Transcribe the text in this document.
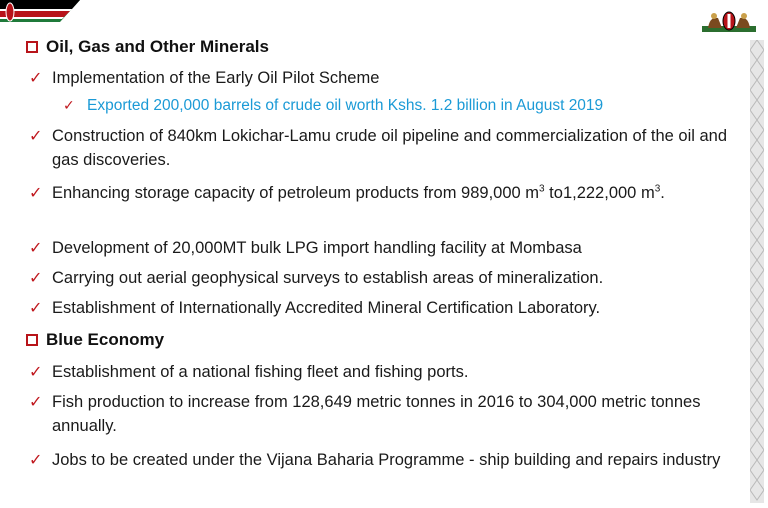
Oil, Gas and Other Minerals
✓ Implementation of the Early Oil Pilot Scheme
✓ Exported 200,000 barrels of crude oil worth Kshs. 1.2 billion in August 2019
✓ Construction of 840km Lokichar-Lamu crude oil pipeline and commercialization of the oil and gas discoveries.
✓ Enhancing storage capacity of petroleum products from 989,000 $m^3$ to1,222,000 $m^3$.
✓ Development of 20,000MT bulk LPG import handling facility at Mombasa
✓ Carrying out aerial geophysical surveys to establish areas of mineralization.
✓ Establishment of Internationally Accredited Mineral Certification Laboratory.
Blue Economy
✓ Establishment of a national fishing fleet and fishing ports.
✓ Fish production to increase from 128,649 metric tonnes in 2016 to 304,000 metric tonnes annually.
✓ Jobs to be created under the Vijana Baharia Programme - ship building and repairs industry
